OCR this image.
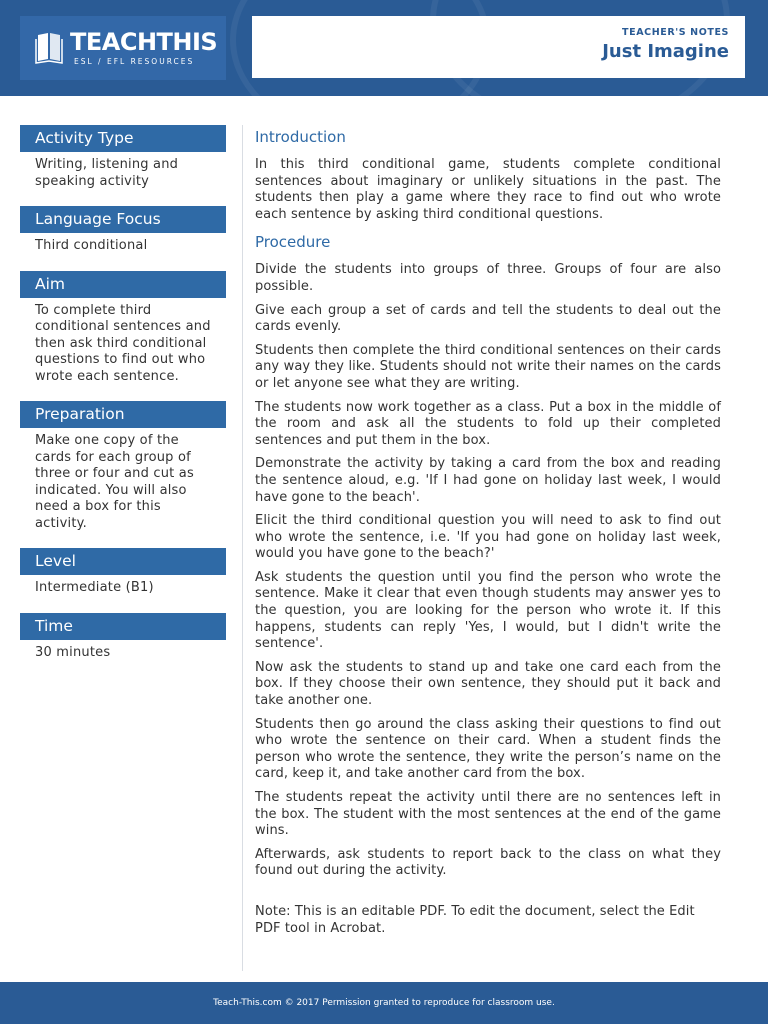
TEACHTHIS
ESL / EFL RESOURCES
TEACHER'S NOTES
Just Imagine
Activity Type
Writing, listening and speaking activity
Language Focus
Third conditional
Aim
To complete third conditional sentences and then ask third conditional questions to find out who wrote each sentence.
Preparation
Make one copy of the cards for each group of three or four and cut as indicated. You will also need a box for this activity.
Level
Intermediate (B1)
Time
30 minutes
Introduction

In this third conditional game, students complete conditional sentences about imaginary or unlikely situations in the past. The students then play a game where they race to find out who wrote each sentence by asking third conditional questions.

Procedure

Divide the students into groups of three. Groups of four are also possible.

Give each group a set of cards and tell the students to deal out the cards evenly.

Students then complete the third conditional sentences on their cards any way they like. Students should not write their names on the cards or let anyone see what they are writing.

The students now work together as a class. Put a box in the middle of the room and ask all the students to fold up their completed sentences and put them in the box.

Demonstrate the activity by taking a card from the box and reading the sentence aloud, e.g. 'If I had gone on holiday last week, I would have gone to the beach'.

Elicit the third conditional question you will need to ask to find out who wrote the sentence, i.e. 'If you had gone on holiday last week, would you have gone to the beach?'

Ask students the question until you find the person who wrote the sentence. Make it clear that even though students may answer yes to the question, you are looking for the person who wrote it. If this happens, students can reply 'Yes, I would, but I didn't write the sentence'.

Now ask the students to stand up and take one card each from the box. If they choose their own sentence, they should put it back and take another one.

Students then go around the class asking their questions to find out who wrote the sentence on their card. When a student finds the person who wrote the sentence, they write the person’s name on the card, keep it, and take another card from the box.

The students repeat the activity until there are no sentences left in the box. The student with the most sentences at the end of the game wins.

Afterwards, ask students to report back to the class on what they found out during the activity.

Note: This is an editable PDF. To edit the document, select the Edit PDF tool in Acrobat.

Teach-This.com © 2017 Permission granted to reproduce for classroom use.
